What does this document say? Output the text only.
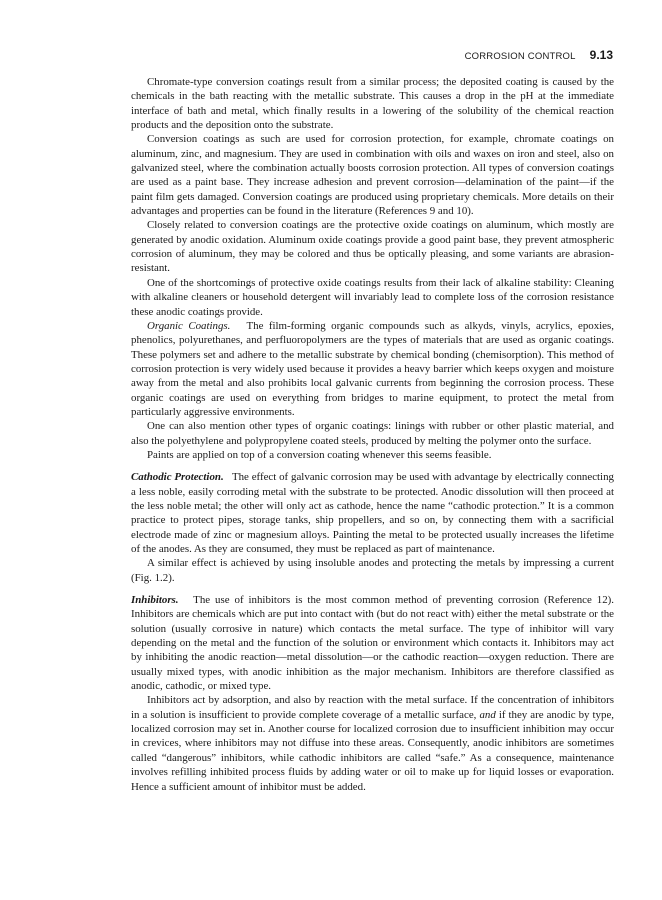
CORROSION CONTROL 9.13

Chromate-type conversion coatings result from a similar process; the deposited coating is caused by the chemicals in the bath reacting with the metallic substrate. This causes a drop in the pH at the immediate interface of bath and metal, which finally results in a lowering of the solubility of the chemical reaction products and the deposition onto the substrate.

Conversion coatings as such are used for corrosion protection, for example, chromate coatings on aluminum, zinc, and magnesium. They are used in combination with oils and waxes on iron and steel, also on galvanized steel, where the combination actually boosts corrosion protection. All types of conversion coatings are used as a paint base. They increase adhesion and prevent corrosion—delamination of the paint—if the paint film gets damaged. Conversion coatings are produced using proprietary chemicals. More details on their advantages and properties can be found in the literature (References 9 and 10).

Closely related to conversion coatings are the protective oxide coatings on aluminum, which mostly are generated by anodic oxidation. Aluminum oxide coatings provide a good paint base, they prevent atmospheric corrosion of aluminum, they may be colored and thus be optically pleasing, and some variants are abrasion-resistant.

One of the shortcomings of protective oxide coatings results from their lack of alkaline stability: Cleaning with alkaline cleaners or household detergent will invariably lead to complete loss of the corrosion resistance these anodic coatings provide.

Organic Coatings. The film-forming organic compounds such as alkyds, vinyls, acrylics, epoxies, phenolics, polyurethanes, and perfluoropolymers are the types of materials that are used as organic coatings. These polymers set and adhere to the metallic substrate by chemical bonding (chemisorption). This method of corrosion protection is very widely used because it provides a heavy barrier which keeps oxygen and moisture away from the metal and also prohibits local galvanic currents from beginning the corrosion process. These organic coatings are used on everything from bridges to marine equipment, to protect the metal from particularly aggressive environments.

One can also mention other types of organic coatings: linings with rubber or other plastic material, and also the polyethylene and polypropylene coated steels, produced by melting the polymer onto the surface.

Paints are applied on top of a conversion coating whenever this seems feasible.

Cathodic Protection. The effect of galvanic corrosion may be used with advantage by electrically connecting a less noble, easily corroding metal with the substrate to be protected. Anodic dissolution will then proceed at the less noble metal; the other will only act as cathode, hence the name “cathodic protection.” It is a common practice to protect pipes, storage tanks, ship propellers, and so on, by connecting them with a sacrificial electrode made of zinc or magnesium alloys. Painting the metal to be protected usually increases the lifetime of the anodes. As they are consumed, they must be replaced as part of maintenance.

A similar effect is achieved by using insoluble anodes and protecting the metals by impressing a current (Fig. 1.2).

Inhibitors. The use of inhibitors is the most common method of preventing corrosion (Reference 12). Inhibitors are chemicals which are put into contact with (but do not react with) either the metal substrate or the solution (usually corrosive in nature) which contacts the metal surface. The type of inhibitor will vary depending on the metal and the function of the solution or environment which contacts it. Inhibitors may act by inhibiting the anodic reaction—metal dissolution—or the cathodic reaction—oxygen reduction. There are usually mixed types, with anodic inhibition as the major mechanism. Inhibitors are therefore classified as anodic, cathodic, or mixed type.

Inhibitors act by adsorption, and also by reaction with the metal surface. If the concentration of inhibitors in a solution is insufficient to provide complete coverage of a metallic surface, and if they are anodic by type, localized corrosion may set in. Another course for localized corrosion due to insufficient inhibition may occur in crevices, where inhibitors may not diffuse into these areas. Consequently, anodic inhibitors are sometimes called “dangerous” inhibitors, while cathodic inhibitors are called “safe.” As a consequence, maintenance involves refilling inhibited process fluids by adding water or oil to make up for liquid losses or evaporation. Hence a sufficient amount of inhibitor must be added.
